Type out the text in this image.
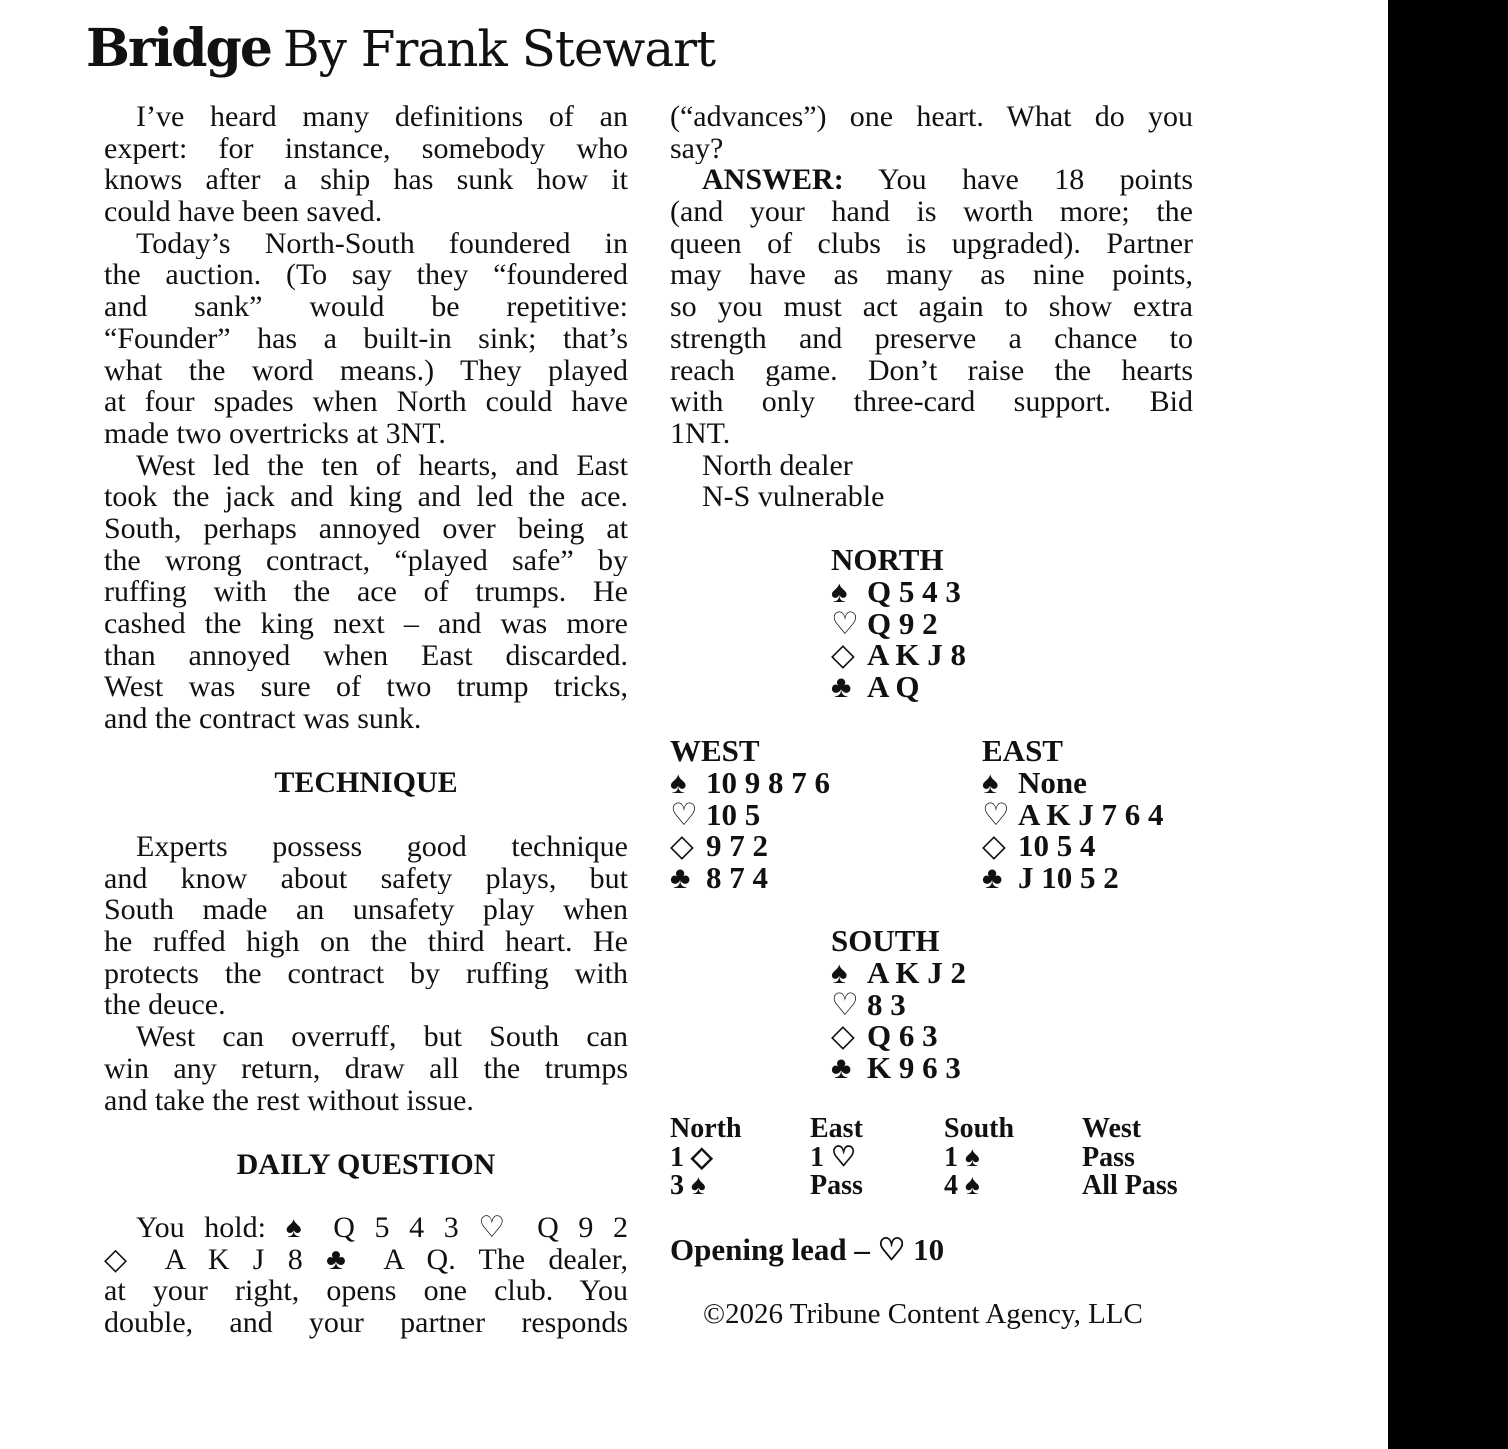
Bridge By Frank Stewart
I’ve heard many definitions of an
expert: for instance, somebody who
knows after a ship has sunk how it
could have been saved.
Today’s North-South foundered in
the auction. (To say they “foundered
and sank” would be repetitive:
“Founder” has a built-in sink; that’s
what the word means.) They played
at four spades when North could have
made two overtricks at 3NT.
West led the ten of hearts, and East
took the jack and king and led the ace.
South, perhaps annoyed over being at
the wrong contract, “played safe” by
ruffing with the ace of trumps. He
cashed the king next – and was more
than annoyed when East discarded.
West was sure of two trump tricks,
and the contract was sunk.
TECHNIQUE
Experts possess good technique
and know about safety plays, but
South made an unsafety play when
he ruffed high on the third heart. He
protects the contract by ruffing with
the deuce.
West can overruff, but South can
win any return, draw all the trumps
and take the rest without issue.
DAILY QUESTION
You hold: ♠ Q 5 4 3 ♡ Q 9 2
◇ A K J 8 ♣ A Q. The dealer,
at your right, opens one club. You
double, and your partner responds
(“advances”) one heart. What do you
say?
ANSWER: You have 18 points
(and your hand is worth more; the
queen of clubs is upgraded). Partner
may have as many as nine points,
so you must act again to show extra
strength and preserve a chance to
reach game. Don’t raise the hearts
with only three-card support. Bid
1NT.
North dealer
N-S vulnerable
NORTH
♠ Q 5 4 3
♡ Q 9 2
◇ A K J 8
♣ A Q
WEST
♠ 10 9 8 7 6
♡ 10 5
◇ 9 7 2
♣ 8 7 4
EAST
♠ None
♡ A K J 7 6 4
◇ 10 5 4
♣ J 10 5 2
SOUTH
♠ A K J 2
♡ 8 3
◇ Q 6 3
♣ K 9 6 3
North	East	South	West
1 ◇	1 ♡	1 ♠	Pass
3 ♠	Pass	4 ♠	All Pass
Opening lead – ♡ 10
©2026 Tribune Content Agency, LLC
